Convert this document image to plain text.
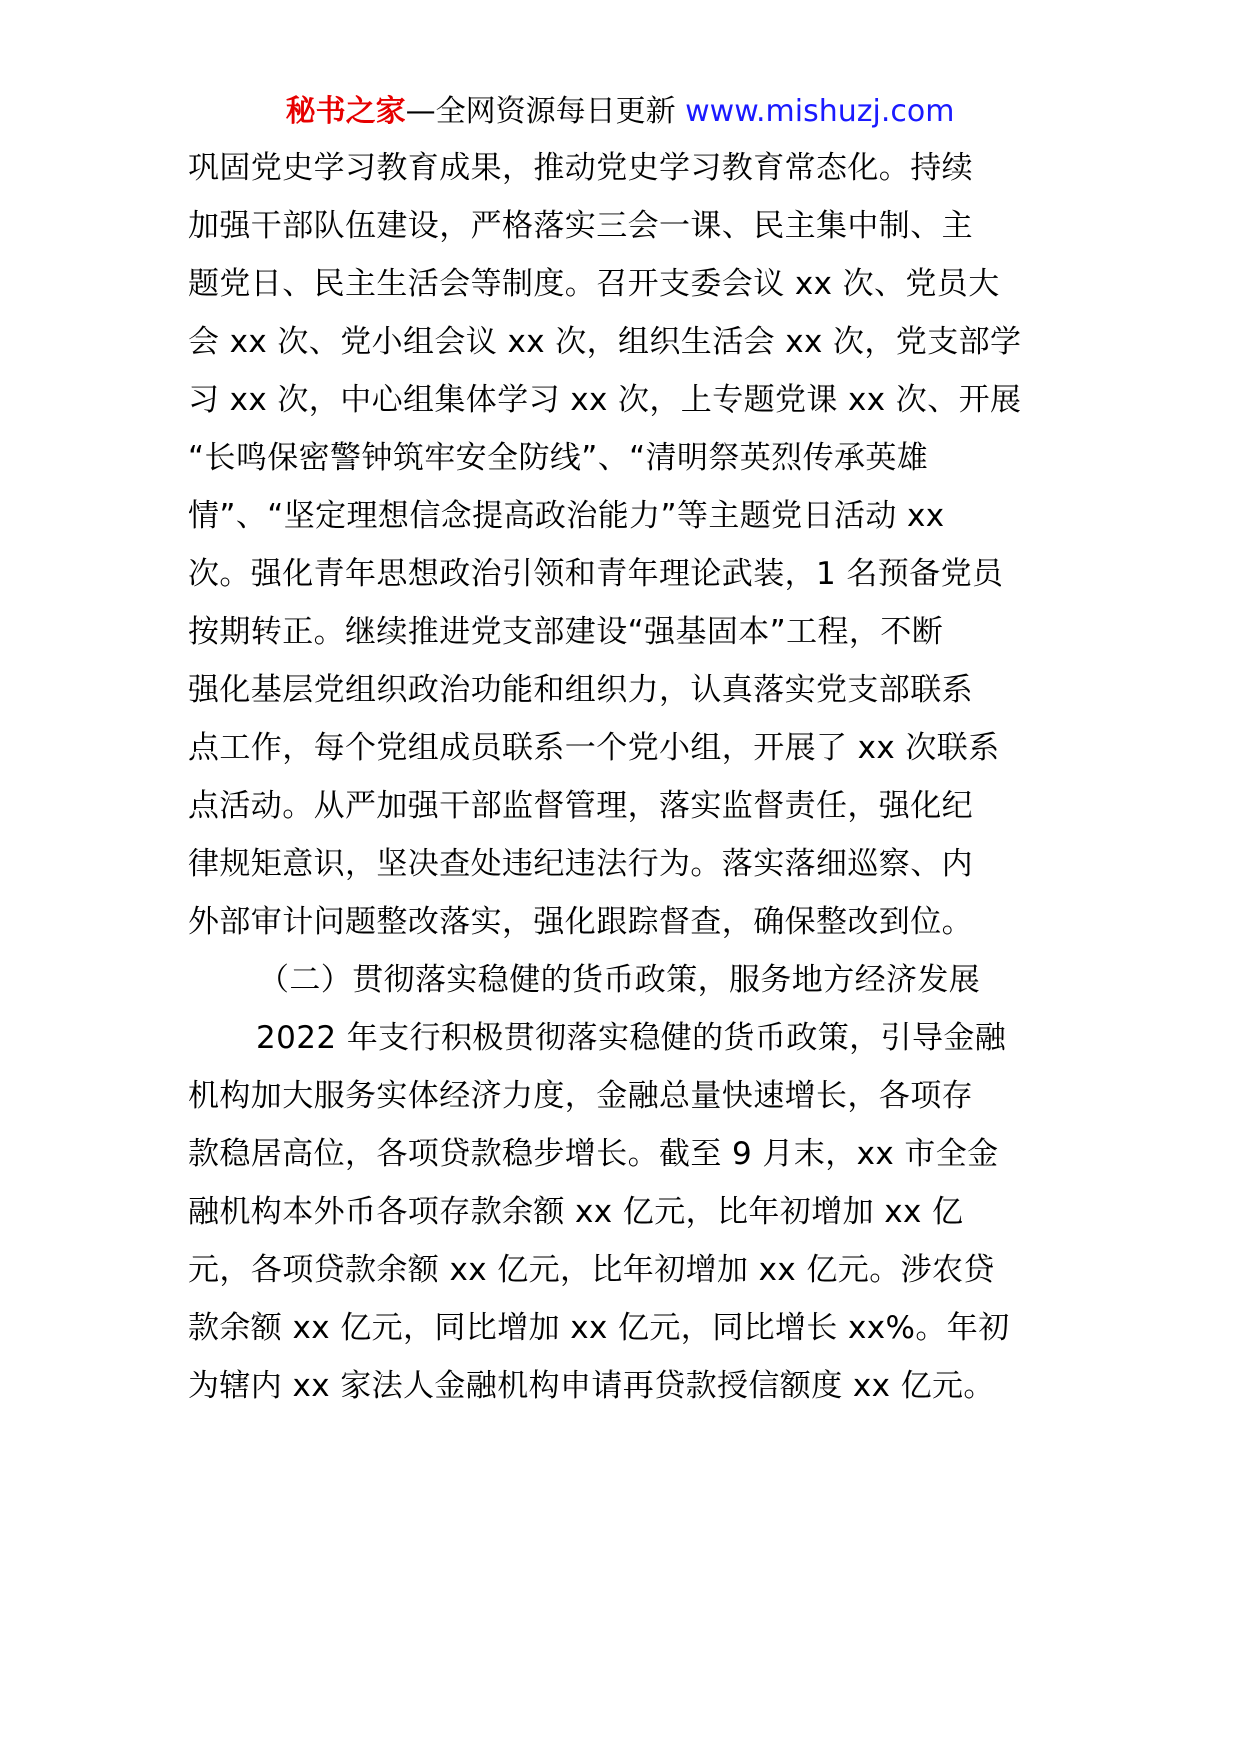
秘书之家—全网资源每日更新 www.mishuzj.com
巩固党史学习教育成果，推动党史学习教育常态化。持续
加强干部队伍建设，严格落实三会一课、民主集中制、主
题党日、民主生活会等制度。召开支委会议 xx 次、党员大
会 xx 次、党小组会议 xx 次，组织生活会 xx 次，党支部学
习 xx 次，中心组集体学习 xx 次，上专题党课 xx 次、开展
“长鸣保密警钟筑牢安全防线”、“清明祭英烈传承英雄
情”、“坚定理想信念提高政治能力”等主题党日活动 xx
次。强化青年思想政治引领和青年理论武装，1 名预备党员
按期转正。继续推进党支部建设“强基固本”工程，不断
强化基层党组织政治功能和组织力，认真落实党支部联系
点工作，每个党组成员联系一个党小组，开展了 xx 次联系
点活动。从严加强干部监督管理，落实监督责任，强化纪
律规矩意识，坚决查处违纪违法行为。落实落细巡察、内
外部审计问题整改落实，强化跟踪督查，确保整改到位。
（二）贯彻落实稳健的货币政策，服务地方经济发展
2022 年支行积极贯彻落实稳健的货币政策，引导金融
机构加大服务实体经济力度，金融总量快速增长，各项存
款稳居高位，各项贷款稳步增长。截至 9 月末，xx 市全金
融机构本外币各项存款余额 xx 亿元，比年初增加 xx 亿
元，各项贷款余额 xx 亿元，比年初增加 xx 亿元。涉农贷
款余额 xx 亿元，同比增加 xx 亿元，同比增长 xx%。年初
为辖内 xx 家法人金融机构申请再贷款授信额度 xx 亿元。
